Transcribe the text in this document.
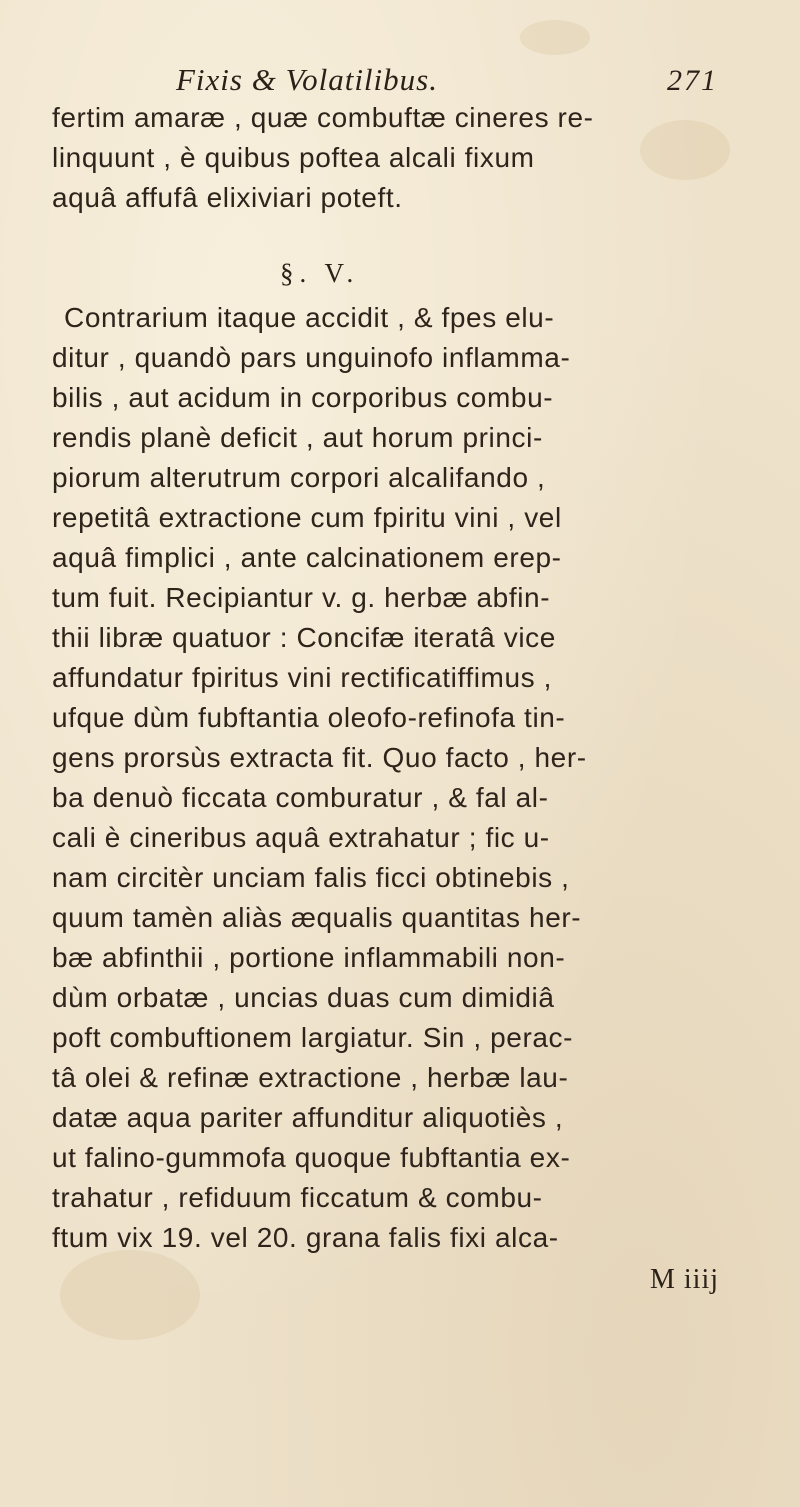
Fixis & Volatilibus.	271
fertim amaræ , quæ combuftæ cineres re-
linquunt , è quibus poftea alcali fixum
aquâ affufâ elixiviari poteft.
§. V.
Contrarium itaque accidit , & fpes elu-
ditur , quandò pars unguinofo inflamma-
bilis , aut acidum in corporibus combu-
rendis planè deficit , aut horum princi-
piorum alterutrum corpori alcalifando ,
repetitâ extractione cum fpiritu vini , vel
aquâ fimplici , ante calcinationem erep-
tum fuit. Recipiantur v. g. herbæ abfin-
thii libræ quatuor : Concifæ iteratâ vice
affundatur fpiritus vini rectificatiffimus ,
ufque dùm fubftantia oleofo-refinofa tin-
gens prorsùs extracta fit. Quo facto , her-
ba denuò ficcata comburatur , & fal al-
cali è cineribus aquâ extrahatur ; fic u-
nam circitèr unciam falis ficci obtinebis ,
quum tamèn aliàs æqualis quantitas her-
bæ abfinthii , portione inflammabili non-
dùm orbatæ , uncias duas cum dimidiâ
poft combuftionem largiatur. Sin , perac-
tâ olei & refinæ extractione , herbæ lau-
datæ aqua pariter affunditur aliquotiès ,
ut falino-gummofa quoque fubftantia ex-
trahatur , refiduum ficcatum & combu-
ftum vix 19. vel 20. grana falis fixi alca-
M iiij
